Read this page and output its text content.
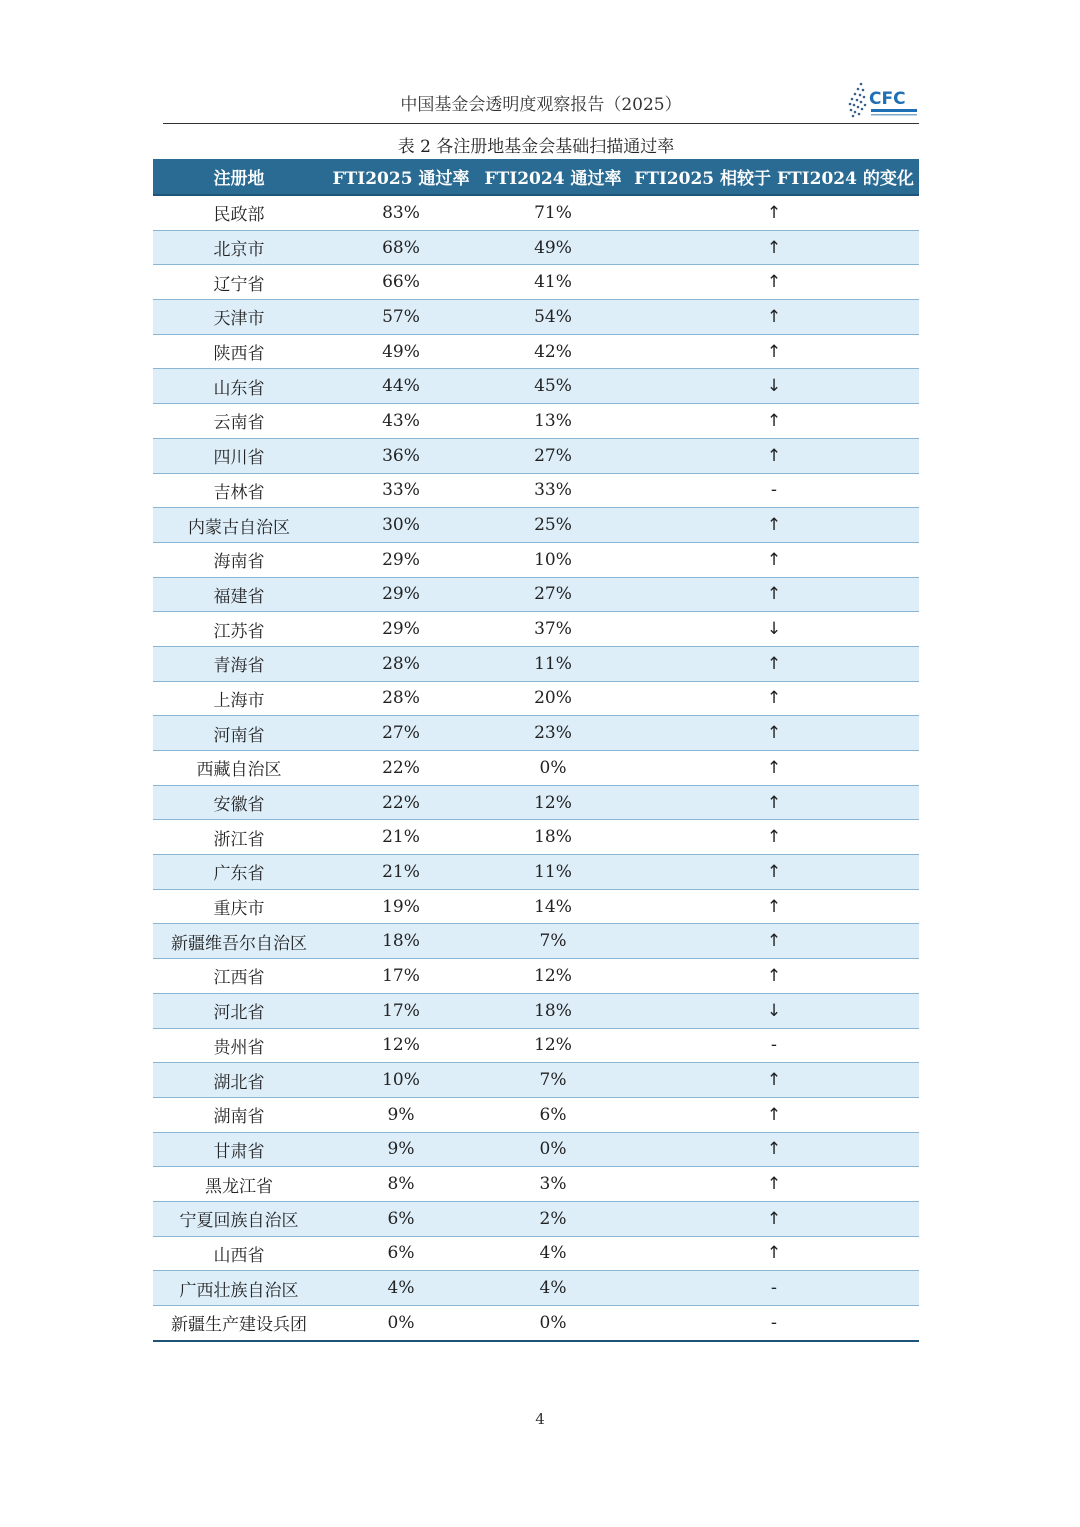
中国基金会透明度观察报告（2025）	CFC
表 2 各注册地基金会基础扫描通过率
注册地	FTI2025 通过率	FTI2024 通过率	FTI2025 相较于 FTI2024 的变化
民政部	83%	71%	↑
北京市	68%	49%	↑
辽宁省	66%	41%	↑
天津市	57%	54%	↑
陕西省	49%	42%	↑
山东省	44%	45%	↓
云南省	43%	13%	↑
四川省	36%	27%	↑
吉林省	33%	33%	-
内蒙古自治区	30%	25%	↑
海南省	29%	10%	↑
福建省	29%	27%	↑
江苏省	29%	37%	↓
青海省	28%	11%	↑
上海市	28%	20%	↑
河南省	27%	23%	↑
西藏自治区	22%	0%	↑
安徽省	22%	12%	↑
浙江省	21%	18%	↑
广东省	21%	11%	↑
重庆市	19%	14%	↑
新疆维吾尔自治区	18%	7%	↑
江西省	17%	12%	↑
河北省	17%	18%	↓
贵州省	12%	12%	-
湖北省	10%	7%	↑
湖南省	9%	6%	↑
甘肃省	9%	0%	↑
黑龙江省	8%	3%	↑
宁夏回族自治区	6%	2%	↑
山西省	6%	4%	↑
广西壮族自治区	4%	4%	-
新疆生产建设兵团	0%	0%	-
4
